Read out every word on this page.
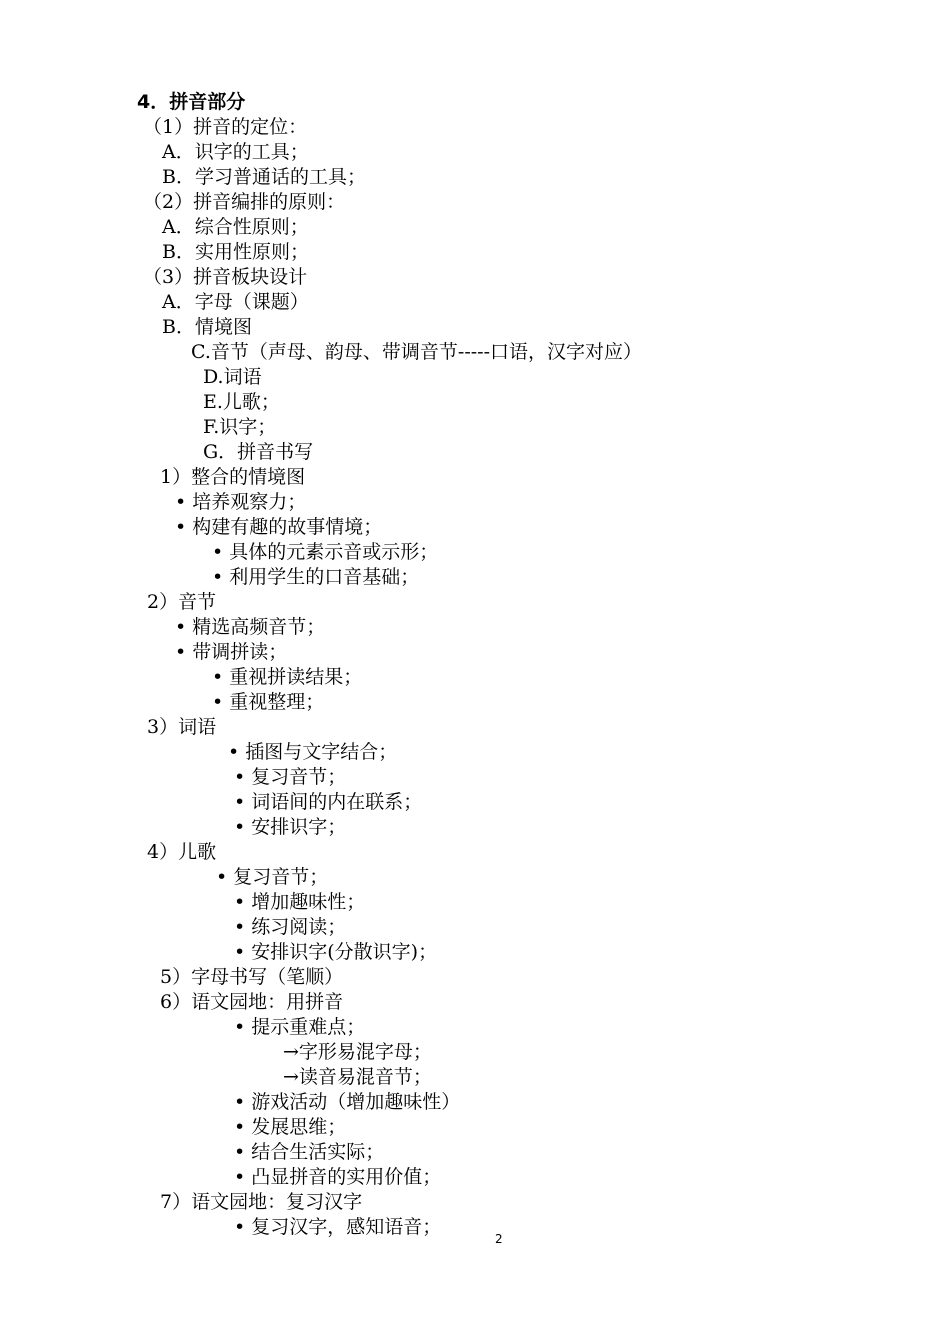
4．拼音部分
（1）拼音的定位：
A．识字的工具；
B．学习普通话的工具；
（2）拼音编排的原则：
A．综合性原则；
B．实用性原则；
（3）拼音板块设计
A．字母（课题）
B．情境图
C.音节（声母、韵母、带调音节-----口语，汉字对应）
D.词语
E.儿歌；
F.识字；
G．拼音书写
1）整合的情境图
• 培养观察力；
• 构建有趣的故事情境；
• 具体的元素示音或示形；
• 利用学生的口音基础；
2）音节
• 精选高频音节；
• 带调拼读；
• 重视拼读结果；
• 重视整理；
3）词语
• 插图与文字结合；
• 复习音节；
• 词语间的内在联系；
• 安排识字；
4）儿歌
• 复习音节；
• 增加趣味性；
• 练习阅读；
• 安排识字(分散识字)；
5）字母书写（笔顺）
6）语文园地：用拼音
• 提示重难点；
→字形易混字母；
→读音易混音节；
• 游戏活动（增加趣味性）
• 发展思维；
• 结合生活实际；
• 凸显拼音的实用价值；
7）语文园地：复习汉字
• 复习汉字，感知语音；
2
